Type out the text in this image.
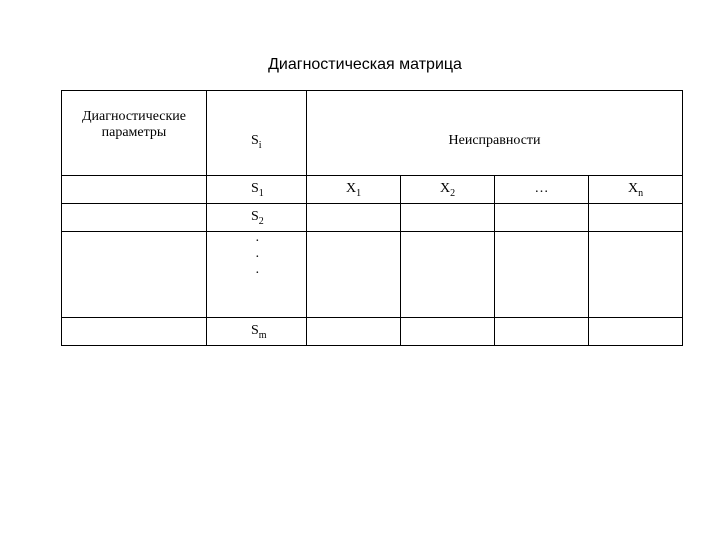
Диагностическая матрица
Диагностические
параметры	$S_i$	Неисправности			
	$S_1$	$X_1$	$X_2$	…	$X_n$
	$S_2$				

	·
·
·				

	$S_m$				
